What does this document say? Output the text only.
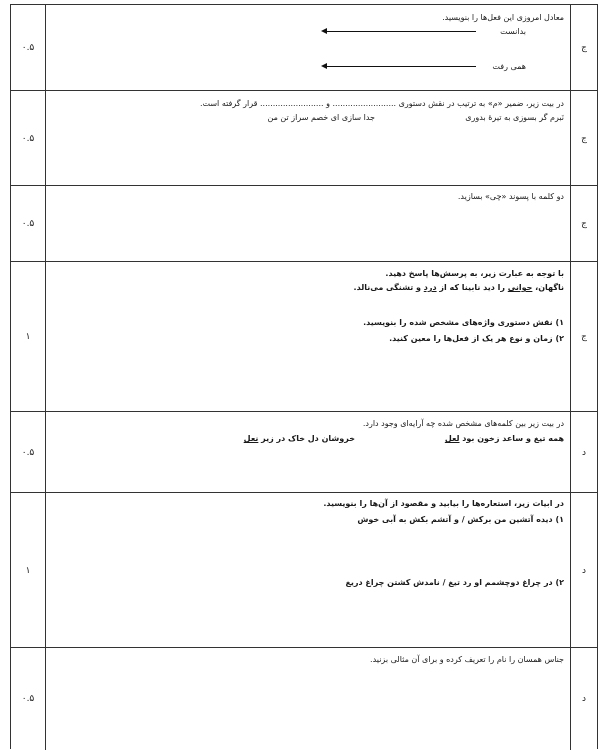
۰.۵
معادل امروزی این فعل‌ها را بنویسید.
بدانست
همی رفت
ج
۰.۵
در بیت زیر، ضمیر «م» به ترتیب در نقش دستوری ......................... و ......................... قرار گرفته است.
نَبرم گر بسوزی به تیرهٔ بدوری
جدا سازی ای خصم سراز تن من
ج
۰.۵
دو کلمه با پسوند «چی» بسازید.
ج
۱
با توجه به عبارت زیر، به پرسش‌ها پاسخ دهید.
ناگهان، جوانی را دید نابینا که از درد و تشنگی می‌نالد.
۱) نقش دستوری واژه‌های مشخص شده را بنویسید.
۲) زمان و نوع هر یک از فعل‌ها را معین کنید.	ج
۰.۵
در بیت زیر بین کلمه‌های مشخص شده چه آرایه‌ای وجود دارد.
همه تیغ و ساعد زخون بود لعل
خروشان دل خاک در زیر نعل
د
۱
در ابیات زیر، استعاره‌ها را بیابید و مقصود از آن‌ها را بنویسید.
۱) دیده آتشین من برکش / و آتشم بکش به آبی خوش
۲) در چراغ دوچشمم او رد تیغ / نامدش کشتن چراغ دریغ
د
۰.۵
جناس همسان را نام را تعریف کرده و برای آن مثالی بزنید.
د
